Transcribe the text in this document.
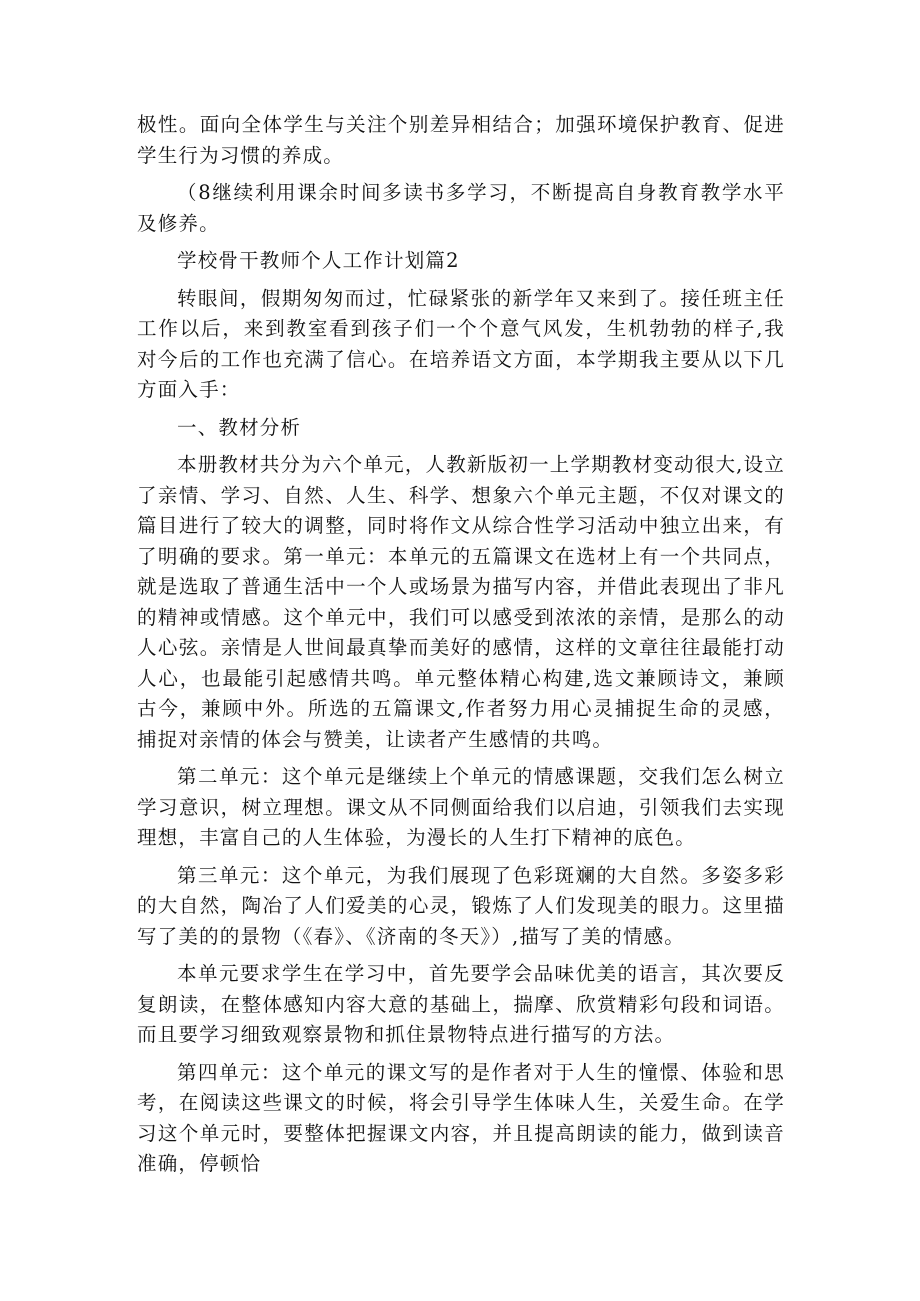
极性。面向全体学生与关注个别差异相结合；加强环境保护教育、促进学生行为习惯的养成。

（8继续利用课余时间多读书多学习，不断提高自身教育教学水平及修养。

学校骨干教师个人工作计划篇2

转眼间，假期匆匆而过，忙碌紧张的新学年又来到了。接任班主任工作以后，来到教室看到孩子们一个个意气风发，生机勃勃的样子,我对今后的工作也充满了信心。在培养语文方面，本学期我主要从以下几方面入手：

一、教材分析

本册教材共分为六个单元，人教新版初一上学期教材变动很大,设立了亲情、学习、自然、人生、科学、想象六个单元主题，不仅对课文的篇目进行了较大的调整，同时将作文从综合性学习活动中独立出来，有了明确的要求。第一单元：本单元的五篇课文在选材上有一个共同点，就是选取了普通生活中一个人或场景为描写内容，并借此表现出了非凡的精神或情感。这个单元中，我们可以感受到浓浓的亲情，是那么的动人心弦。亲情是人世间最真挚而美好的感情，这样的文章往往最能打动人心，也最能引起感情共鸣。单元整体精心构建,选文兼顾诗文，兼顾古今，兼顾中外。所选的五篇课文,作者努力用心灵捕捉生命的灵感，捕捉对亲情的体会与赞美，让读者产生感情的共鸣。

第二单元：这个单元是继续上个单元的情感课题，交我们怎么树立学习意识，树立理想。课文从不同侧面给我们以启迪，引领我们去实现理想，丰富自己的人生体验，为漫长的人生打下精神的底色。

第三单元：这个单元，为我们展现了色彩斑斓的大自然。多姿多彩的大自然，陶冶了人们爱美的心灵，锻炼了人们发现美的眼力。这里描写了美的的景物（《春》、《济南的冬天》）,描写了美的情感。

本单元要求学生在学习中，首先要学会品味优美的语言，其次要反复朗读，在整体感知内容大意的基础上，揣摩、欣赏精彩句段和词语。而且要学习细致观察景物和抓住景物特点进行描写的方法。

第四单元：这个单元的课文写的是作者对于人生的憧憬、体验和思考，在阅读这些课文的时候，将会引导学生体味人生，关爱生命。在学习这个单元时，要整体把握课文内容，并且提高朗读的能力，做到读音准确，停顿恰
